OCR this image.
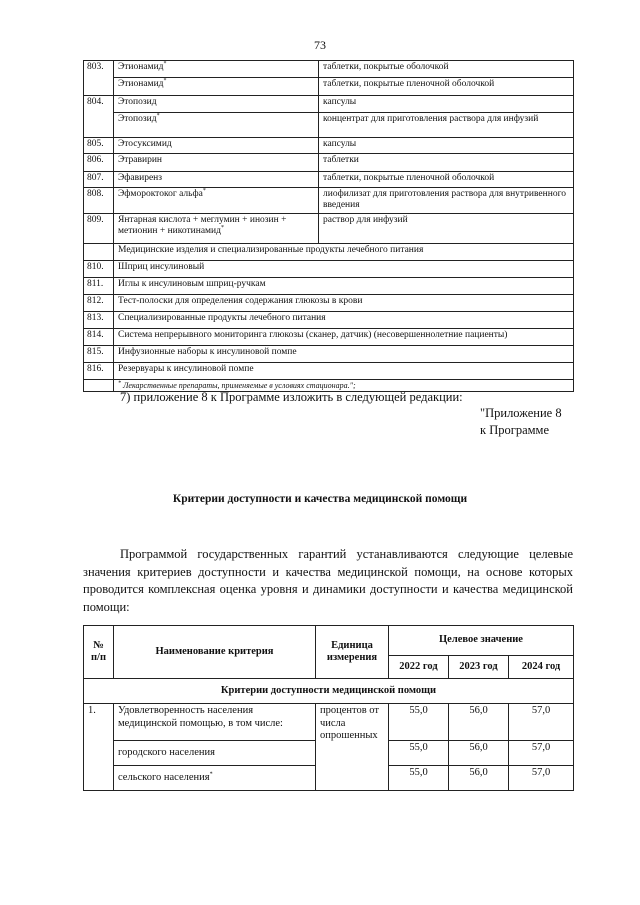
73
803.	Этионамид*	таблетки, покрытые оболочкой
	Этионамид*	таблетки, покрытые пленочной оболочкой
804.	Этопозид	капсулы
	Этопозид*	концентрат для приготовления раствора для инфузий
805.	Этосуксимид	капсулы
806.	Этравирин	таблетки
807.	Эфавиренз	таблетки, покрытые пленочной оболочкой
808.	Эфмороктоког альфа*	лиофилизат для приготовления раствора для внутривенного введения
809.	Янтарная кислота + меглумин + инозин + метионин + никотинамид*	раствор для инфузий
	Медицинские изделия и специализированные продукты лечебного питания	
810.	Шприц инсулиновый	
811.	Иглы к инсулиновым шприц-ручкам	
812.	Тест-полоски для определения содержания глюкозы в крови	
813.	Специализированные продукты лечебного питания	
814.	Система непрерывного мониторинга глюкозы (сканер, датчик) (несовершеннолетние пациенты)	
815.	Инфузионные наборы к инсулиновой помпе	
816.	Резервуары к инсулиновой помпе	
	* Лекарственные препараты, применяемые в условиях стационара.";	
7) приложение 8 к Программе изложить в следующей редакции:
"Приложение 8
к Программе
Критерии доступности и качества медицинской помощи
Программой государственных гарантий устанавливаются следующие целевые значения критериев доступности и качества медицинской помощи, на основе которых проводится комплексная оценка уровня и динамики доступности и качества медицинской помощи:
№ п/п	Наименование критерия	Единица измерения	Целевое значение		
			2022 год	2023 год	2024 год
Критерии доступности медицинской помощи					
1.	Удовлетворенность населения медицинской помощью, в том числе:	процентов от числа опрошенных	55,0	56,0	57,0
	городского населения		55,0	56,0	57,0
	сельского населения*		55,0	56,0	57,0
